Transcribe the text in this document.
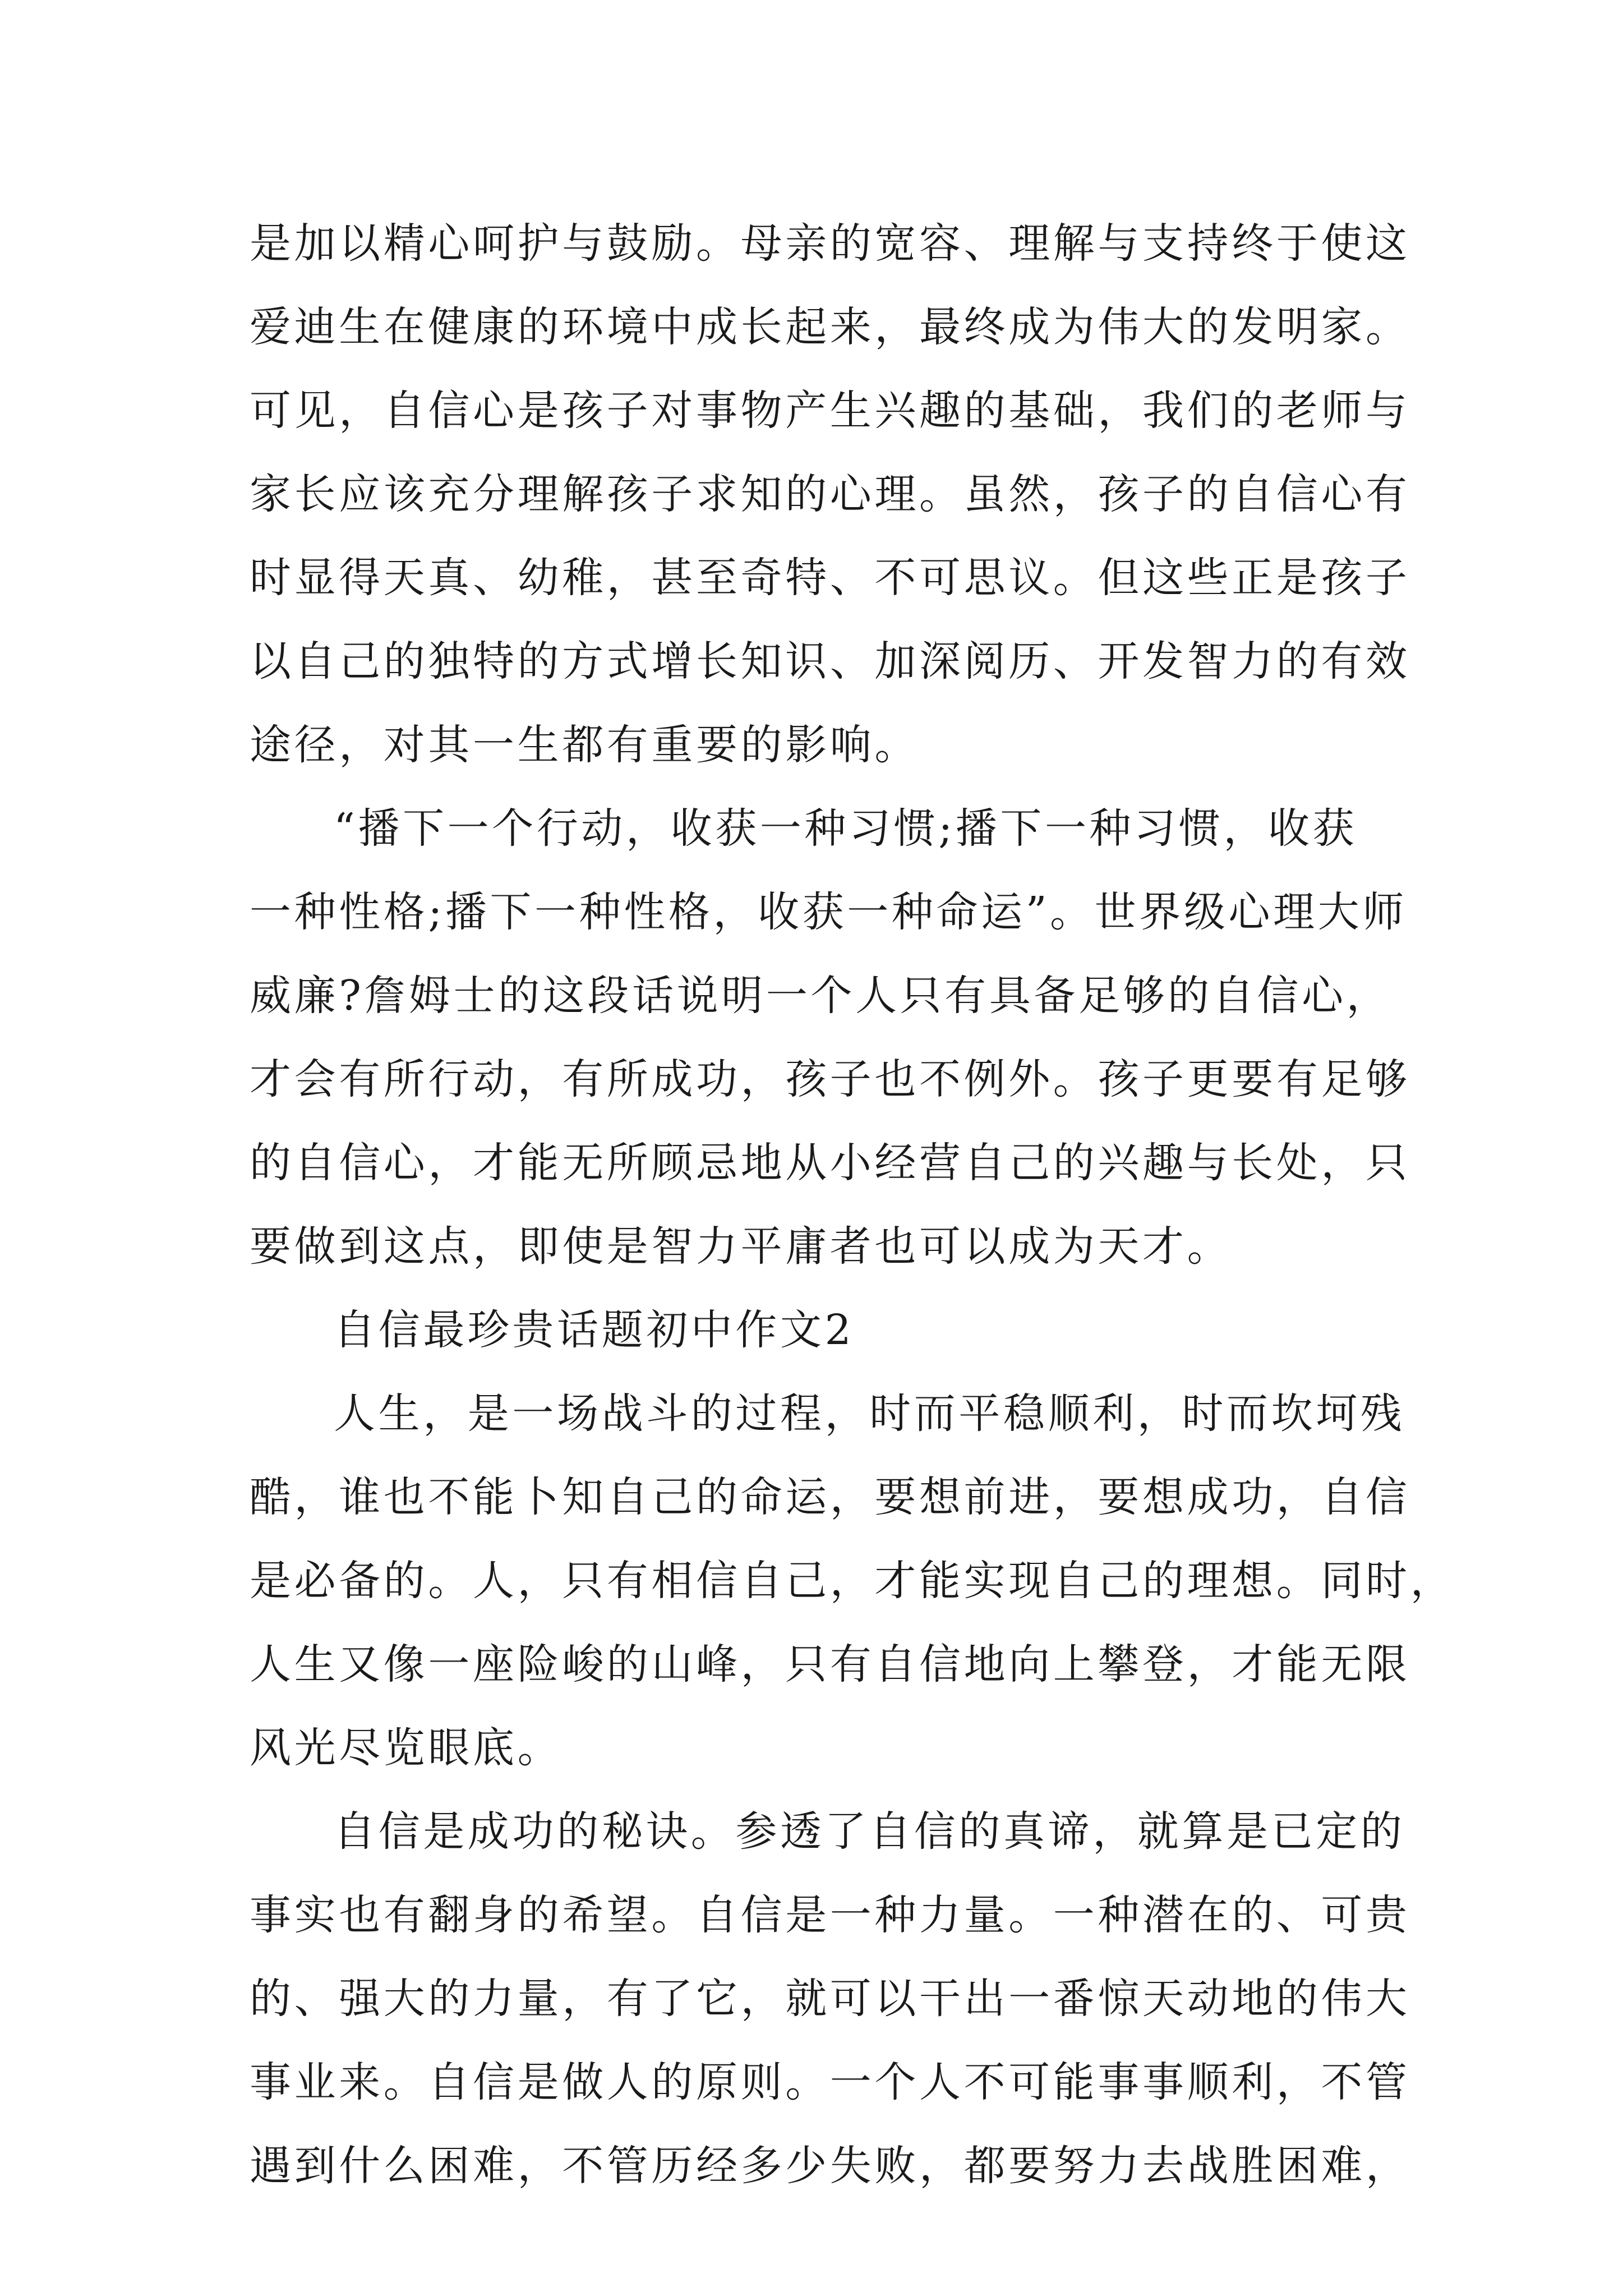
是加以精心呵护与鼓励。母亲的宽容、理解与支持终于使这

爱迪生在健康的环境中成长起来，最终成为伟大的发明家。

可见，自信心是孩子对事物产生兴趣的基础，我们的老师与

家长应该充分理解孩子求知的心理。虽然，孩子的自信心有

时显得天真、幼稚，甚至奇特、不可思议。但这些正是孩子

以自己的独特的方式增长知识、加深阅历、开发智力的有效

途径，对其一生都有重要的影响。

“播下一个行动，收获一种习惯;播下一种习惯，收获

一种性格;播下一种性格，收获一种命运”。世界级心理大师

威廉?詹姆士的这段话说明一个人只有具备足够的自信心，

才会有所行动，有所成功，孩子也不例外。孩子更要有足够

的自信心，才能无所顾忌地从小经营自己的兴趣与长处，只

要做到这点，即使是智力平庸者也可以成为天才。

自信最珍贵话题初中作文2

人生，是一场战斗的过程，时而平稳顺利，时而坎坷残

酷，谁也不能卜知自己的命运，要想前进，要想成功，自信

是必备的。人，只有相信自己，才能实现自己的理想。同时，

人生又像一座险峻的山峰，只有自信地向上攀登，才能无限

风光尽览眼底。

自信是成功的秘诀。参透了自信的真谛，就算是已定的

事实也有翻身的希望。自信是一种力量。一种潜在的、可贵

的、强大的力量，有了它，就可以干出一番惊天动地的伟大

事业来。自信是做人的原则。一个人不可能事事顺利，不管

遇到什么困难，不管历经多少失败，都要努力去战胜困难，
